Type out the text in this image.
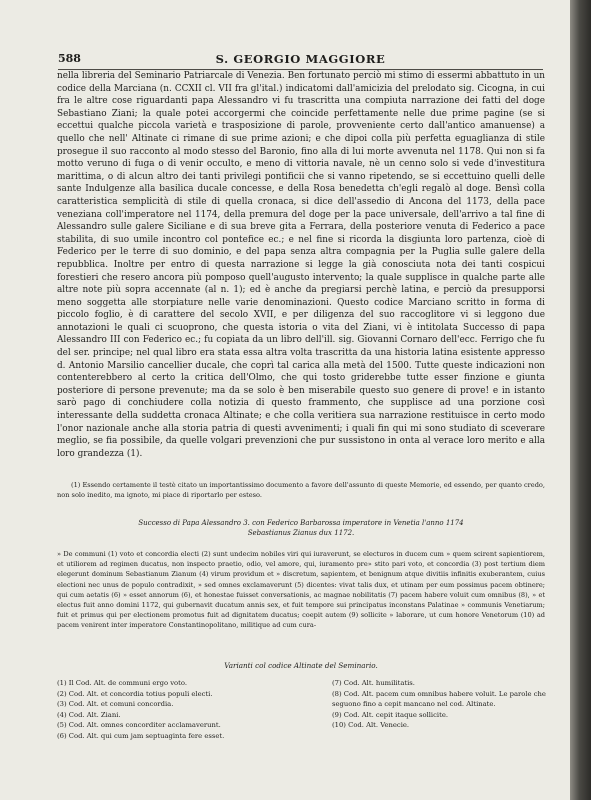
588	S. GEORGIO MAGGIORE

nella libreria del Seminario Patriarcale di Venezia. Ben fortunato perciò mi stimo di essermi abbattuto in un codice della Marciana (n. CCXII cl. VII fra gl'ital.) indicatomi dall'amicizia del prelodato sig. Cicogna, in cui fra le altre cose riguardanti papa Alessandro vi fu trascritta una compiuta narrazione dei fatti del doge Sebastiano Ziani; la quale potei accorgermi che coincide perfettamente nelle due prime pagine (se si eccettui qualche piccola varietà e trasposizione di parole, provveniente certo dall'antico amanuense) a quello che nell' Altinate ci rimane di sue prime azioni; e che dipoi colla più perfetta eguaglianza di stile prosegue il suo racconto al modo stesso del Baronio, fino alla di lui morte avvenuta nel 1178. Qui non si fa motto veruno di fuga o di venir occulto, e meno di vittoria navale, nè un cenno solo si vede d'investitura marittima, o di alcun altro dei tanti privilegi pontificii che si vanno ripetendo, se si eccettuino quelli delle sante Indulgenze alla basilica ducale concesse, e della Rosa benedetta ch'egli regalò al doge. Bensì colla caratteristica semplicità di stile di quella cronaca, si dice dell'assedio di Ancona del 1173, della pace veneziana coll'imperatore nel 1174, della premura del doge per la pace universale, dell'arrivo a tal fine di Alessandro sulle galere Siciliane e di sua breve gita a Ferrara, della posteriore venuta di Federico a pace stabilita, di suo umile incontro col pontefice ec.; e nel fine si ricorda la disgiunta loro partenza, cioè di Federico per le terre di suo dominio, e del papa senza altra compagnia per la Puglia sulle galere della repubblica. Inoltre per entro di questa narrazione si legge la già conosciuta nota dei tanti cospicui forestieri che resero ancora più pomposo quell'augusto intervento; la quale supplisce in qualche parte alle altre note più sopra accennate (al n. 1); ed è anche da pregiarsi perchè latina, e perciò da presupporsi meno soggetta alle storpiature nelle varie denominazioni. Questo codice Marciano scritto in forma di piccolo foglio, è di carattere del secolo XVII, e per diligenza del suo raccoglitore vi si leggono due annotazioni le quali ci scuoprono, che questa istoria o vita del Ziani, vi è intitolata Successo di papa Alessandro III con Federico ec.; fu copiata da un libro dell'ill. sig. Giovanni Cornaro dell'ecc. Ferrigo che fu del ser. principe; nel qual libro era stata essa altra volta trascritta da una historia latina esistente appresso d. Antonio Marsilio cancellier ducale, che coprì tal carica alla metà del 1500. Tutte queste indicazioni non contenterebbero al certo la critica dell'Olmo, che qui tosto griderebbe tutte esser finzione e giunta posteriore di persone prevenute; ma da se solo è ben miserabile questo suo genere di prove! e in istanto sarò pago di conchiudere colla notizia di questo frammento, che supplisce ad una porzione così interessante della suddetta cronaca Altinate; e che colla veritiera sua narrazione restituisce in certo modo l'onor nazionale anche alla storia patria di questi avvenimenti; i quali fin qui mi sono studiato di sceverare meglio, se fia possibile, da quelle volgari prevenzioni che pur sussistono in onta al verace loro merito e alla loro grandezza (1).

(1) Essendo certamente il testè citato un importantissimo documento a favore dell'assunto di queste Memorie, ed essendo, per quanto credo, non solo inedito, ma ignoto, mi piace di riportarlo per esteso.

Successo di Papa Alessandro 3. con Federico Barbarossa imperatore in Venetia l'anno 1174

Sebastianus Zianus dux 1172.

» De communi (1) voto et concordia electi (2) sunt undecim nobiles viri qui iuraverunt, se electuros in ducem cum » quem scirent sapientiorem, et utiliorem ad regimen ducatus, non inspecto praetio, odio, vel amore, qui, iuramento pre» stito pari voto, et concordia (3) post tertium diem elegerunt dominum Sebastianum Zianum (4) virum providum et » discretum, sapientem, et benignum atque divitiis infinitis exuberantem, cuius electioni nec unus de populo contradixit, » sed omnes exclamaverunt (5) dicentes: vivat talis dux, et utinam per eum possimus pacem obtinere; qui cum aetatis (6) » esset annorum (6), et honestae fuisset conversationis, ac magnae nobilitatis (7) pacem habere voluit cum omnibus (8), » et electus fuit anno domini 1172, qui gubernavit ducatum annis sex, et fuit tempore sui principatus inconstans Palatinae » communis Venetiarum; fuit et primus qui per electionem promotus fuit ad dignitatem ducatus; coepit autem (9) sollicite » laborare, ut cum honore Venetorum (10) ad pacem venirent inter imperatore Constantinopolitano, militique ad cum cura-

Varianti col codice Altinate del Seminario.

(1) Il Cod. Alt. de communi ergo voto.
(2) Cod. Alt. et concordia totius populi electi.
(3) Cod. Alt. et comuni concordia.
(4) Cod. Alt. Ziani.
(5) Cod. Alt. omnes concorditer acclamaverunt.
(6) Cod. Alt. qui cum jam septuaginta fere esset.
(7) Cod. Alt. humilitatis.
(8) Cod. Alt. pacem cum omnibus habere voluit. Le parole che seguono fino a cepit mancano nel cod. Altinate.
(9) Cod. Alt. cepit itaque sollicite.
(10) Cod. Alt. Venecie.
